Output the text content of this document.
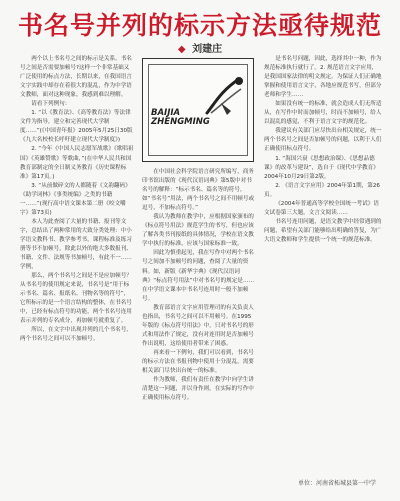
书名号并列的标示方法亟待规范
◆ 刘建庄

两个以上书名号之间的标示是关系。书名号之间是否需要加顿号?这样一个非常基础又广泛使用的标点方法，长期以来，在我国语言文字实践中却存在着很大的混乱，作为中学语文教师，面对这种现象，我感到难以理解。

请看下列例句：

1. “以《教育法》、《高等教育法》等法律文件为指导，建立和完善现代大学制度……”(《中国青年报》2005年5月25日30版《九大名校校长呼吁建立现代大学制度》)

2. “今年《中国人民志愿军战歌》《歌唱祖国》《英雄赞歌》等歌曲，”(在中华人民共和国教育部制定的全日制义务教育《历史课程标准》第17页。)

3. “从前做碎文的人都随着《文韵翻码》《助学词林》《事类统编》之类的书籍一……”(现行高中语文课本第二册《咬文嚼字》第73页)

本人为此查阅了大量的书籍、报刊等文字，总结出了两种常用的大致分类处理：中小学语文教科书、教学参考书，课程标准及练习册等书不加顿号，除此以外的绝大多数报刊、书籍、文件、法规等书加顿号，有此不一……学例，

那么，两个书名号之间是不是应加顿号？从书名号的使用规定来说，书名号是“用于标示书名、篇名、报纸名、刊物名等的符号”，它所标示的是一个语言结构的整体，在书名号中，已经有标点符号的功能，两个书名号连用表示并列的专名成分，再加顿号就重复了。

所以，在文字中出现并列的几个书名号，两个书名号之间可以不加顿号。

BAIJIA
ZHENGMING

在中国社会科学院语言研究所编写，商务印书馆出版的《现代汉语词典》第5版中对书名号的解释：“标示书名、篇名等的符号，如“书名号”用法，两个书名号之间不用顿号或逗号，不加标点符号。”

我认为教师在教学中，应根据国家颁布的《标点符号用法》规范学生的书写，但也应该了解各类书刊报纸的具体情况，学校在语文教学中执行的标准，应该与国家标准一致。

因此为慎重起见，我在写作中对两个书名号之间加不加顿号的问题，查阅了大量的资料。如，新版《新华字典》《现代汉语词典》“标点符号用法”中对书名号的规定是……在中学语文课本中书名号连用时一般不加顿号。

教育部语言文字应用管理司的有关负责人也指出，书名号之间可以不用顿号。在1995年版的《标点符号用法》中，只对书名号的形式和用法作了规定，没有对连用时是否加顿号作出说明，这给使用者带来了困惑。

再来看一下例句，我们可以看到，书名号的标示方法在书报刊物中使用十分混乱，需要相关部门尽快出台统一的标准。

作为教师，我们有责任在教学中向学生讲清楚这一问题，并以身作则，在实际的写作中正确使用标点符号。

是书名号问题，因此，选择其中一种，作为规范标准执行就行了。2. 规范语言文字应用，是我国国家法律的明文规定。为保证人们正确地掌握和使用语言文字，各地应规范书写，但部分老师和学生……

如果没有统一的标准，就会造成人们无所适从，在写作中时而加顿号，时而不加顿号，给人以混乱的感觉，不利于语言文字的规范化。

我建议有关部门应尽快出台相关规定，统一两个书名号之间是否加顿号的问题，以利于人们正确使用标点符号。

1. “海国兴衰《思想政治课》、《思想品德课》的改革与建设”，选自于《现代中学教育》2004年10月29日第2版。

2. 《语言文字应用》2004年第1期，第26页。

《2004年普通高等学校全国统一考试》语文试卷第三大题，文言文阅读……

书名号连用问题，是语文教学中经常遇到的问题，希望有关部门能够给出明确的答复，为广大语文教师和学生提供一个统一的规范标准。

单位：河南省柘城县第一中学
